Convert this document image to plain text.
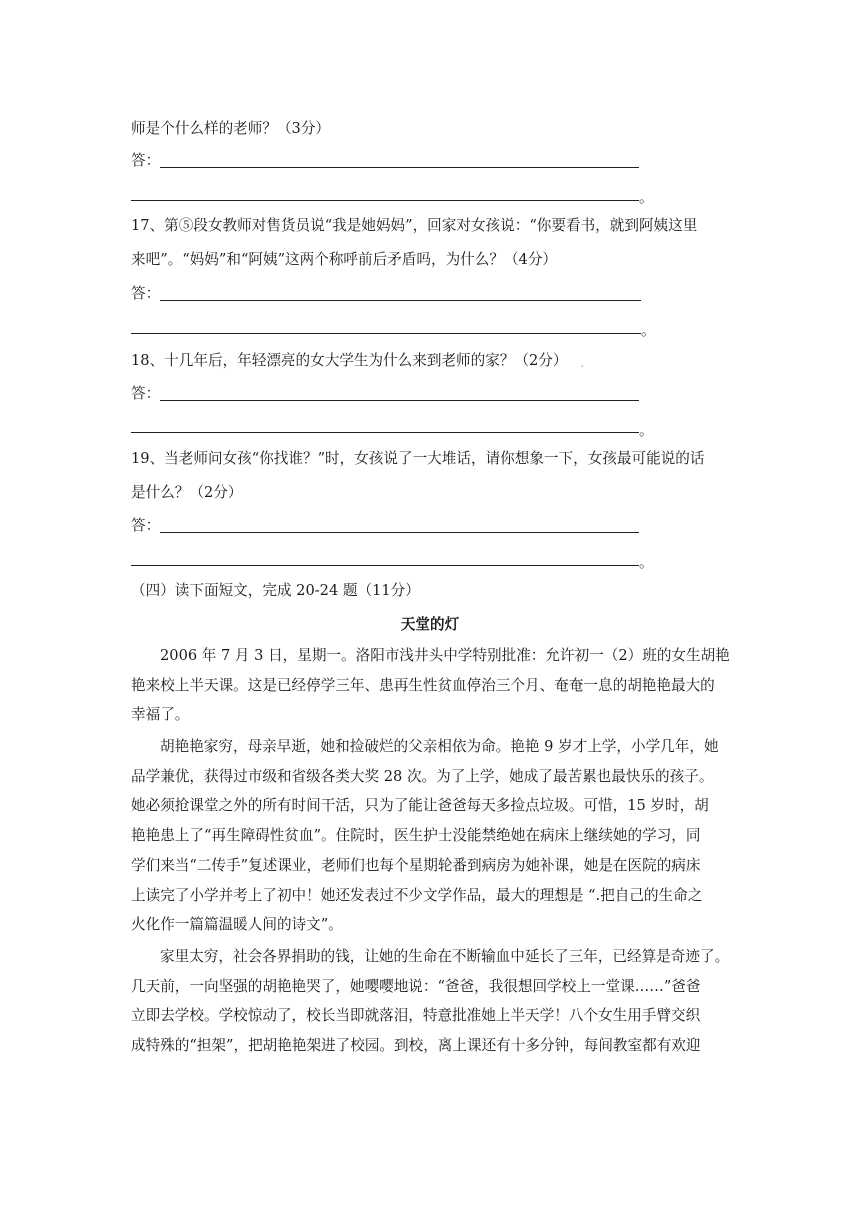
师是个什么样的老师？（3分）
答：
。
17、第⑤段女教师对售货员说“我是她妈妈”，回家对女孩说：“你要看书，就到阿姨这里
来吧”。“妈妈”和“阿姨”这两个称呼前后矛盾吗，为什么？（4分）
答：
。
18、十几年后，年轻漂亮的女大学生为什么来到老师的家？（2分） .
答：
。
19、当老师问女孩“你找谁？”时，女孩说了一大堆话，请你想象一下，女孩最可能说的话
是什么？（2分）
答：
。
（四）读下面短文，完成 20-24 题（11分）
天堂的灯
2006 年 7 月 3 日，星期一。洛阳市浅井头中学特别批准：允许初一（2）班的女生胡艳
艳来校上半天课。这是已经停学三年、患再生性贫血停治三个月、奄奄一息的胡艳艳最大的
幸福了。
胡艳艳家穷，母亲早逝，她和捡破烂的父亲相依为命。艳艳 9 岁才上学，小学几年，她
品学兼优，获得过市级和省级各类大奖 28 次。为了上学，她成了最苦累也最快乐的孩子。
她必须抢课堂之外的所有时间干活，只为了能让爸爸每天多捡点垃圾。可惜，15 岁时，胡
艳艳患上了“再生障碍性贫血”。住院时，医生护士没能禁绝她在病床上继续她的学习，同
学们来当“二传手”复述课业，老师们也每个星期轮番到病房为她补课，她是在医院的病床
上读完了小学并考上了初中！她还发表过不少文学作品，最大的理想是 “.把自己的生命之
火化作一篇篇温暖人间的诗文”。
家里太穷，社会各界捐助的钱，让她的生命在不断输血中延长了三年，已经算是奇迹了。
几天前，一向坚强的胡艳艳哭了，她嘤嘤地说：“爸爸，我很想回学校上一堂课……”爸爸
立即去学校。学校惊动了，校长当即就落泪，特意批准她上半天学！八个女生用手臂交织
成特殊的“担架”，把胡艳艳架进了校园。到校，离上课还有十多分钟，每间教室都有欢迎
